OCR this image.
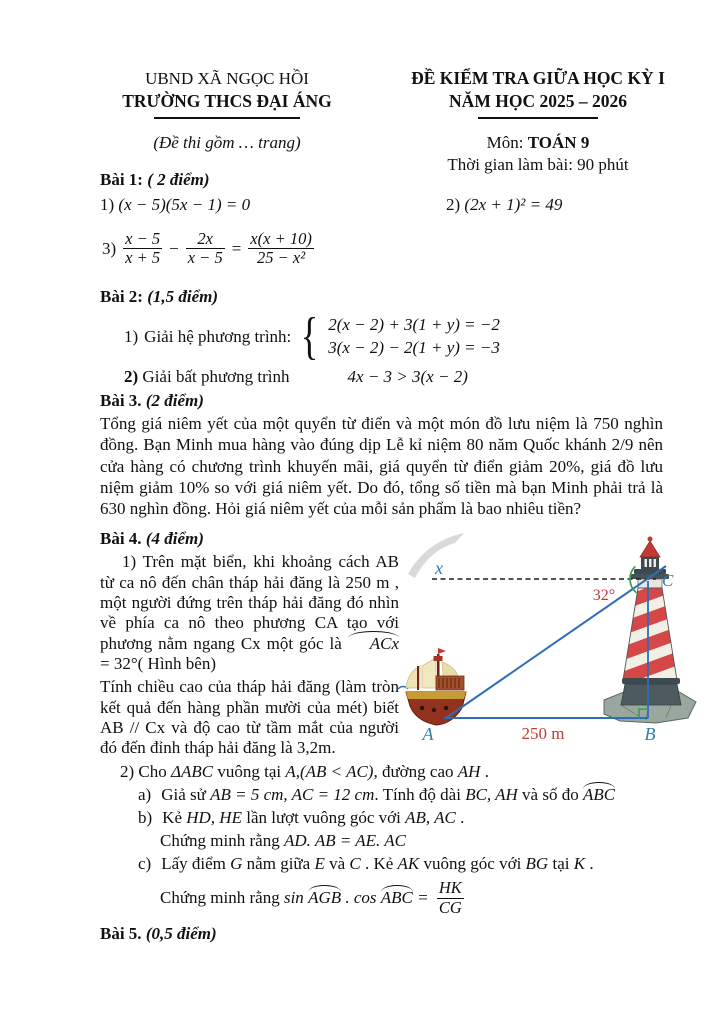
UBND XÃ NGỌC HỒI
TRƯỜNG THCS ĐẠI ÁNG
(Đề thi gồm … trang)
ĐỀ KIỂM TRA GIỮA HỌC KỲ I
NĂM HỌC 2025 – 2026
Môn: TOÁN 9
Thời gian làm bài: 90 phút
Bài 1: ( 2 điểm)
1) (x − 5)(5x − 1) = 0	2) (2x + 1)² = 49
$3) \frac{x - 5}{x + 5} - \frac{2x}{x - 5} = \frac{x(x + 10)}{\text{25 − x²}}$
Bài 2: (1,5 điểm)
1) Giải hệ phương trình: { 2(x − 2) + 3(1 + y) = −2
3(x − 2) − 2(1 + y) = −3
2) Giải bất phương trình	4x − 3 > 3(x − 2)
Bài 3. (2 điểm)
Tổng giá niêm yết của một quyển từ điển và một món đồ lưu niệm là 750 nghìn đồng. Bạn Minh mua hàng vào đúng dịp Lễ kỉ niệm 80 năm Quốc khánh 2/9 nên cửa hàng có chương trình khuyến mãi, giá quyển từ điển giảm 20%, giá đồ lưu niệm giảm 10% so với giá niêm yết. Do đó, tổng số tiền mà bạn Minh phải trả là 630 nghìn đồng. Hỏi giá niêm yết của mỗi sản phẩm là bao nhiêu tiền?
Bài 4. (4 điểm)
1) Trên mặt biển, khi khoảng cách AB từ ca nô đến chân tháp hải đăng là 250 m , một người đứng trên tháp hải đăng đó nhìn về phía ca nô theo phương CA tạo với phương nằm ngang Cx một góc là ACx = 32°( Hình bên)
Tính chiều cao của tháp hải đăng (làm tròn kết quả đến hàng phần mười của mét) biết AB // Cx và độ cao từ tầm mắt của người đó đến đỉnh tháp hải đăng là 3,2m.
2) Cho ΔABC vuông tại A,(AB < AC), đường cao AH .
a) Giả sử AB = 5 cm, AC = 12 cm. Tính độ dài BC, AH và số đo ABC
b) Kẻ HD, HE lần lượt vuông góc với AB, AC .
Chứng minh rằng AD. AB = AE. AC
c) Lấy điểm G nằm giữa E và C . Kẻ AK vuông góc với BG tại K .
Chứng minh rằng sin AGB . cos ABC = $\frac{HK}{CG}$
Bài 5. (0,5 điểm)
x
C
A	B
32°
250 m
